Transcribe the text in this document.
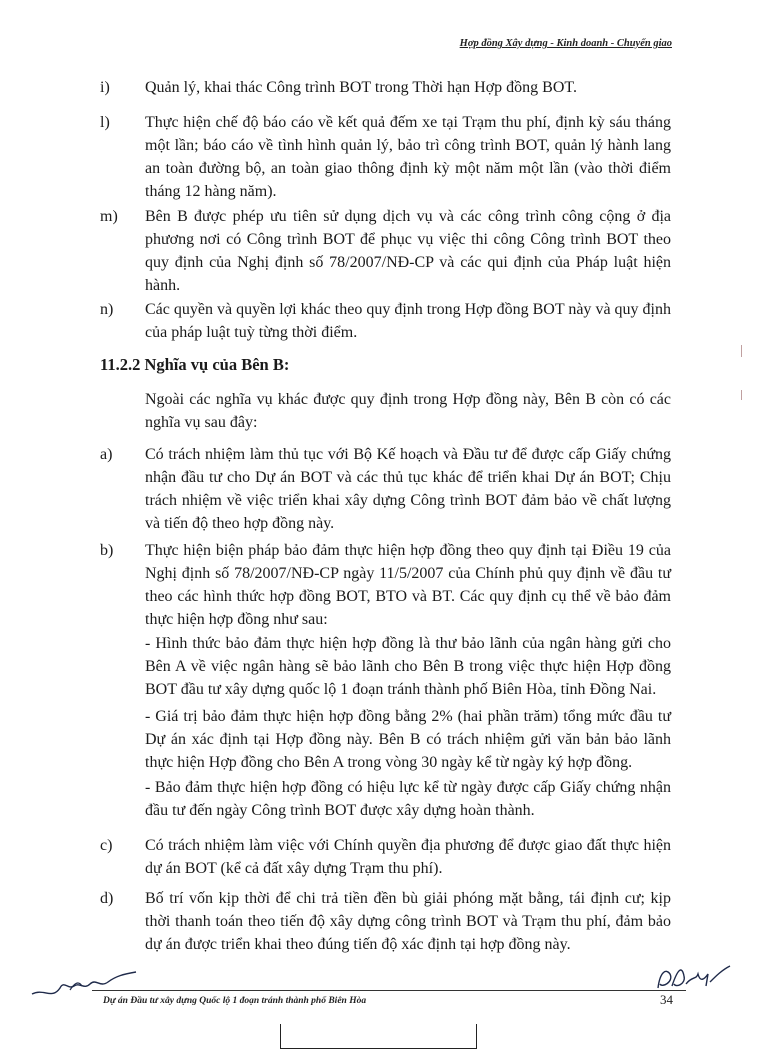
Hợp đồng Xây dựng - Kinh doanh - Chuyển giao
i) Quản lý, khai thác Công trình BOT trong Thời hạn Hợp đồng BOT.
l) Thực hiện chế độ báo cáo về kết quả đếm xe tại Trạm thu phí, định kỳ sáu tháng một lần; báo cáo về tình hình quản lý, bảo trì công trình BOT, quản lý hành lang an toàn đường bộ, an toàn giao thông định kỳ một năm một lần (vào thời điểm tháng 12 hàng năm).
m) Bên B được phép ưu tiên sử dụng dịch vụ và các công trình công cộng ở địa phương nơi có Công trình BOT để phục vụ việc thi công Công trình BOT theo quy định của Nghị định số 78/2007/NĐ-CP và các qui định của Pháp luật hiện hành.
n) Các quyền và quyền lợi khác theo quy định trong Hợp đồng BOT này và quy định của pháp luật tuỳ từng thời điểm.
11.2.2 Nghĩa vụ của Bên B:
Ngoài các nghĩa vụ khác được quy định trong Hợp đồng này, Bên B còn có các nghĩa vụ sau đây:
a) Có trách nhiệm làm thủ tục với Bộ Kế hoạch và Đầu tư để được cấp Giấy chứng nhận đầu tư cho Dự án BOT và các thủ tục khác để triển khai Dự án BOT; Chịu trách nhiệm về việc triển khai xây dựng Công trình BOT đảm bảo về chất lượng và tiến độ theo hợp đồng này.
b) Thực hiện biện pháp bảo đảm thực hiện hợp đồng theo quy định tại Điều 19 của Nghị định số 78/2007/NĐ-CP ngày 11/5/2007 của Chính phủ quy định về đầu tư theo các hình thức hợp đồng BOT, BTO và BT. Các quy định cụ thể về bảo đảm thực hiện hợp đồng như sau:
- Hình thức bảo đảm thực hiện hợp đồng là thư bảo lãnh của ngân hàng gửi cho Bên A về việc ngân hàng sẽ bảo lãnh cho Bên B trong việc thực hiện Hợp đồng BOT đầu tư xây dựng quốc lộ 1 đoạn tránh thành phố Biên Hòa, tỉnh Đồng Nai.
- Giá trị bảo đảm thực hiện hợp đồng bằng 2% (hai phần trăm) tổng mức đầu tư Dự án xác định tại Hợp đồng này. Bên B có trách nhiệm gửi văn bản bảo lãnh thực hiện Hợp đồng cho Bên A trong vòng 30 ngày kể từ ngày ký hợp đồng.
- Bảo đảm thực hiện hợp đồng có hiệu lực kể từ ngày được cấp Giấy chứng nhận đầu tư đến ngày Công trình BOT được xây dựng hoàn thành.
c) Có trách nhiệm làm việc với Chính quyền địa phương để được giao đất thực hiện dự án BOT (kể cả đất xây dựng Trạm thu phí).
d) Bố trí vốn kịp thời để chi trả tiền đền bù giải phóng mặt bằng, tái định cư; kịp thời thanh toán theo tiến độ xây dựng công trình BOT và Trạm thu phí, đảm bảo dự án được triển khai theo đúng tiến độ xác định tại hợp đồng này.
Dự án Đầu tư xây dựng Quốc lộ 1 đoạn tránh thành phố Biên Hòa	34
